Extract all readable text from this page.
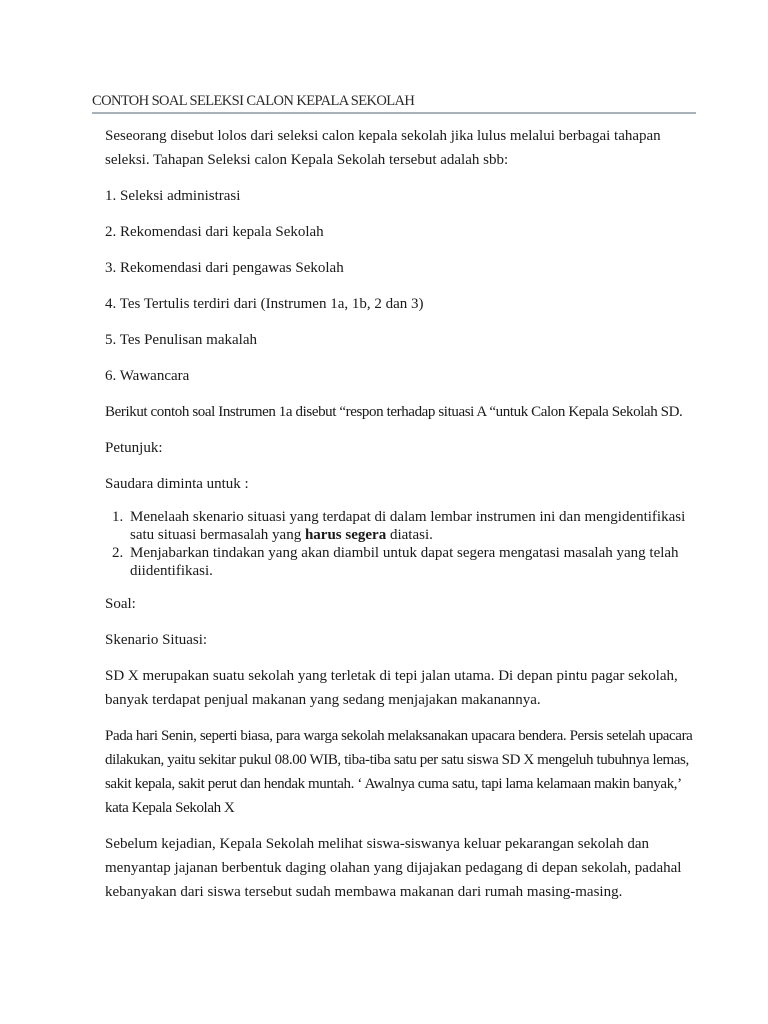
CONTOH SOAL SELEKSI CALON KEPALA SEKOLAH

Seseorang disebut lolos dari seleksi calon kepala sekolah jika lulus melalui berbagai tahapan seleksi. Tahapan Seleksi calon Kepala Sekolah tersebut adalah sbb:

1. Seleksi administrasi

2. Rekomendasi dari kepala Sekolah

3. Rekomendasi dari pengawas Sekolah

4. Tes Tertulis terdiri dari (Instrumen 1a, 1b, 2 dan 3)

5. Tes Penulisan makalah

6. Wawancara

Berikut contoh soal Instrumen 1a disebut “respon terhadap situasi A “untuk Calon Kepala Sekolah SD.

Petunjuk:

Saudara diminta untuk :

1. Menelaah skenario situasi yang terdapat di dalam lembar instrumen ini dan mengidentifikasi satu situasi bermasalah yang harus segera diatasi.
2. Menjabarkan tindakan yang akan diambil untuk dapat segera mengatasi masalah yang telah diidentifikasi.

Soal:

Skenario Situasi:

SD X merupakan suatu sekolah yang terletak di tepi jalan utama. Di depan pintu pagar sekolah, banyak terdapat penjual makanan yang sedang menjajakan makanannya.

Pada hari Senin, seperti biasa, para warga sekolah melaksanakan upacara bendera. Persis setelah upacara dilakukan, yaitu sekitar pukul 08.00 WIB, tiba-tiba satu per satu siswa SD X mengeluh tubuhnya lemas, sakit kepala, sakit perut dan hendak muntah. ‘ Awalnya cuma satu, tapi lama kelamaan makin banyak,’ kata Kepala Sekolah X

Sebelum kejadian, Kepala Sekolah melihat siswa-siswanya keluar pekarangan sekolah dan menyantap jajanan berbentuk daging olahan yang dijajakan pedagang di depan sekolah, padahal kebanyakan dari siswa tersebut sudah membawa makanan dari rumah masing-masing.
